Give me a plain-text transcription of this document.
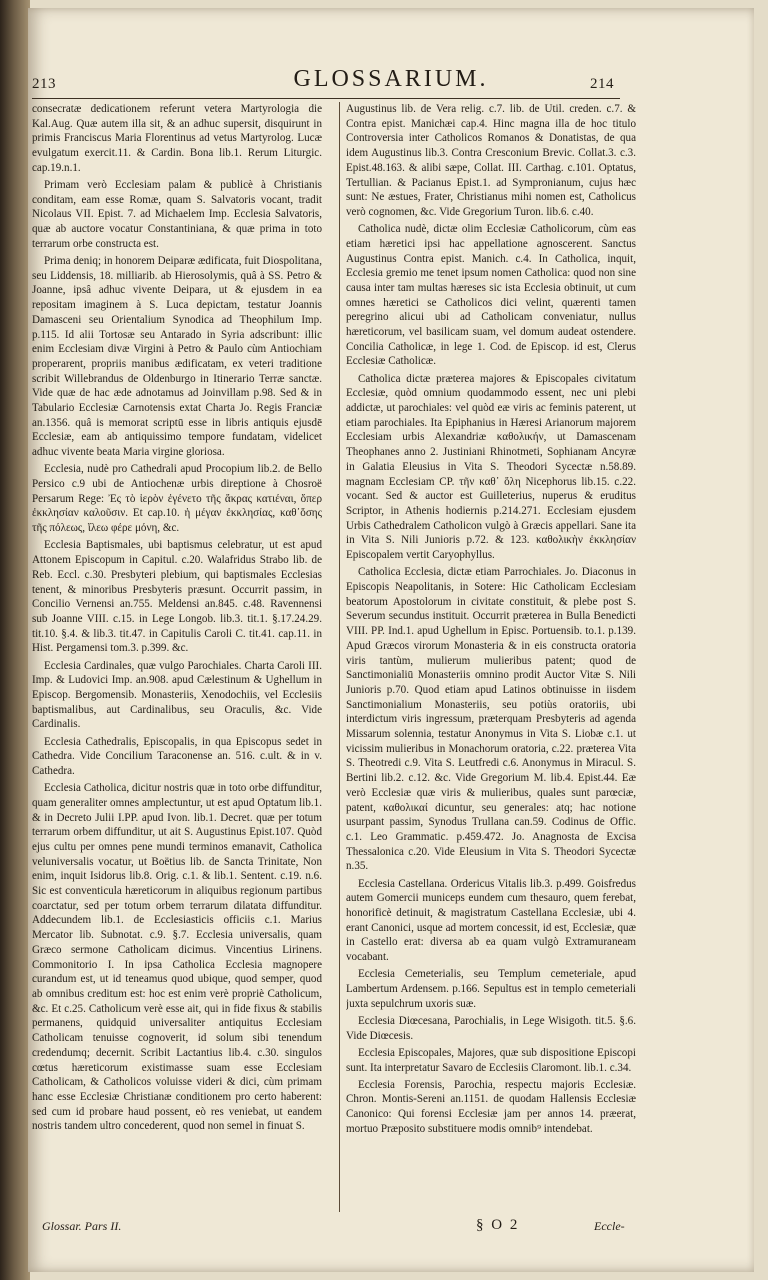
213	GLOSSARIUM.	214

consecratæ dedicationem referunt vetera Martyrologia die Kal.Aug. Quæ autem illa sit, & an adhuc supersit, disquirunt in primis Franciscus Maria Florentinus ad vetus Martyrolog. Lucæ evulgatum exercit.11. & Cardin. Bona lib.1. Rerum Liturgic. cap.19.n.1.

Primam verò Ecclesiam palam & publicè à Christianis conditam, eam esse Romæ, quam S. Salvatoris vocant, tradit Nicolaus VII. Epist. 7. ad Michaelem Imp. Ecclesia Salvatoris, quæ ab auctore vocatur Constantiniana, & quæ prima in toto terrarum orbe constructa est.

Prima deniq; in honorem Deiparæ ædificata, fuit Diospolitana, seu Liddensis, 18. milliarib. ab Hierosolymis, quâ à SS. Petro & Joanne, ipsâ adhuc vivente Deipara, ut & ejusdem in ea repositam imaginem à S. Luca depictam, testatur Joannis Damasceni seu Orientalium Synodica ad Theophilum Imp. p.115. Id alii Tortosæ seu Antarado in Syria adscribunt: illic enim Ecclesiam divæ Virgini à Petro & Paulo cùm Antiochiam properarent, propriis manibus ædificatam, ex veteri traditione scribit Willebrandus de Oldenburgo in Itinerario Terræ sanctæ. Vide quæ de hac æde adnotamus ad Joinvillam p.98. Sed & in Tabulario Ecclesiæ Carnotensis extat Charta Jo. Regis Franciæ an.1356. quâ is memorat scriptū esse in libris antiquis ejusdē Ecclesiæ, eam ab antiquissimo tempore fundatam, videlicet adhuc vivente beata Maria virgine gloriosa.

Ecclesia, nudè pro Cathedrali apud Procopium lib.2. de Bello Persico c.9 ubi de Antiochenæ urbis direptione à Chosroë Persarum Rege: Ἐς τὸ ἱερὸν ἐγένετο τῆς ἄκρας κατιέναι, ὅπερ ἐκκλησίαν καλοῦσιν. Et cap.10. ἡ μέγαν ἐκκλησίας, καθ᾽ὅσης τῆς πόλεως, ἵλεω φέρε μόνη, &c.

Ecclesia Baptismales, ubi baptismus celebratur, ut est apud Attonem Episcopum in Capitul. c.20. Walafridus Strabo lib. de Reb. Eccl. c.30. Presbyteri plebium, qui baptismales Ecclesias tenent, & minoribus Presbyteris præsunt. Occurrit passim, in Concilio Vernensi an.755. Meldensi an.845. c.48. Ravennensi sub Joanne VIII. c.15. in Lege Longob. lib.3. tit.1. §.17.24.29. tit.10. §.4. & lib.3. tit.47. in Capitulis Caroli C. tit.41. cap.11. in Hist. Pergamensi tom.3. p.399. &c.

Ecclesia Cardinales, quæ vulgo Parochiales. Charta Caroli III. Imp. & Ludovici Imp. an.908. apud Cælestinum & Ughellum in Episcop. Bergomensib. Monasteriis, Xenodochiis, vel Ecclesiis baptismalibus, aut Cardinalibus, seu Oraculis, &c. Vide Cardinalis.

Ecclesia Cathedralis, Episcopalis, in qua Episcopus sedet in Cathedra. Vide Concilium Taraconense an. 516. c.ult. & in v. Cathedra.

Ecclesia Catholica, dicitur nostris quæ in toto orbe diffunditur, quam generaliter omnes amplectuntur, ut est apud Optatum lib.1. & in Decreto Julii I.PP. apud Ivon. lib.1. Decret. quæ per totum terrarum orbem diffunditur, ut ait S. Augustinus Epist.107. Quòd ejus cultu per omnes pene mundi terminos emanavit, Catholica veluniversalis vocatur, ut Boëtius lib. de Sancta Trinitate, Non enim, inquit Isidorus lib.8. Orig. c.1. & lib.1. Sentent. c.19. n.6. Sic est conventicula hæreticorum in aliquibus regionum partibus coarctatur, sed per totum orbem terrarum dilatata diffunditur. Addecundem lib.1. de Ecclesiasticis officiis c.1. Marius Mercator lib. Subnotat. c.9. §.7. Ecclesia universalis, quam Græco sermone Catholicam dicimus. Vincentius Lirinens. Commonitorio I. In ipsa Catholica Ecclesia magnopere curandum est, ut id teneamus quod ubique, quod semper, quod ab omnibus creditum est: hoc est enim verè propriè Catholicum, &c. Et c.25. Catholicum verè esse ait, qui in fide fixus & stabilis permanens, quidquid universaliter antiquitus Ecclesiam Catholicam tenuisse cognoverit, id solum sibi tenendum credendumq; decernit. Scribit Lactantius lib.4. c.30. singulos cœtus hæreticorum existimasse suam esse Ecclesiam Catholicam, & Catholicos voluisse videri & dici, cùm primam hanc esse Ecclesiæ Christianæ conditionem pro certo haberent: sed cum id probare haud possent, eò res veniebat, ut eandem nostris tandem ultro concederent, quod non semel in finuat S.

Augustinus lib. de Vera relig. c.7. lib. de Util. creden. c.7. & Contra epist. Manichæi cap.4. Hinc magna illa de hoc titulo Controversia inter Catholicos Romanos & Donatistas, de qua idem Augustinus lib.3. Contra Cresconium Brevic. Collat.3. c.3. Epist.48.163. & alibi sæpe, Collat. III. Carthag. c.101. Optatus, Tertullian. & Pacianus Epist.1. ad Sympronianum, cujus hæc sunt: Ne æstues, Frater, Christianus mihi nomen est, Catholicus verò cognomen, &c. Vide Gregorium Turon. lib.6. c.40.

Catholica nudè, dictæ olim Ecclesiæ Catholicorum, cùm eas etiam hæretici ipsi hac appellatione agnoscerent. Sanctus Augustinus Contra epist. Manich. c.4. In Catholica, inquit, Ecclesia gremio me tenet ipsum nomen Catholica: quod non sine causa inter tam multas hæreses sic ista Ecclesia obtinuit, ut cum omnes hæretici se Catholicos dici velint, quærenti tamen peregrino alicui ubi ad Catholicam conveniatur, nullus hæreticorum, vel basilicam suam, vel domum audeat ostendere. Concilia Catholicæ, in lege 1. Cod. de Episcop. id est, Clerus Ecclesiæ Catholicæ.

Catholica dictæ præterea majores & Episcopales civitatum Ecclesiæ, quòd omnium quodammodo essent, nec uni plebi addictæ, ut parochiales: vel quòd eæ viris ac feminis paterent, ut etiam parochiales. Ita Epiphanius in Hæresi Arianorum majorem Ecclesiam urbis Alexandriæ καθολικήν, ut Damascenam Theophanes anno 2. Justiniani Rhinotmeti, Sophianam Ancyræ in Galatia Eleusius in Vita S. Theodori Sycectæ n.58.89. magnam Ecclesiam CP. τῆν καθ᾽ ὅλη Nicephorus lib.15. c.22. vocant. Sed & auctor est Guilleterius, nuperus & eruditus Scriptor, in Athenis hodiernis p.214.271. Ecclesiam ejusdem Urbis Cathedralem Catholicon vulgò à Græcis appellari. Sane ita in Vita S. Nili Junioris p.72. & 123. καθολικὴν ἐκκλησίαν Episcopalem vertit Caryophyllus.

Catholica Ecclesia, dictæ etiam Parrochiales. Jo. Diaconus in Episcopis Neapolitanis, in Sotere: Hic Catholicam Ecclesiam beatorum Apostolorum in civitate constituit, & plebe post S. Severum secundus instituit. Occurrit præterea in Bulla Benedicti VIII. PP. Ind.1. apud Ughellum in Episc. Portuensib. to.1. p.139. Apud Græcos virorum Monasteria & in eis constructa oratoria viris tantùm, mulierum mulieribus patent; quod de Sanctimonialiū Monasteriis omnino prodit Auctor Vitæ S. Nili Junioris p.70. Quod etiam apud Latinos obtinuisse in iisdem Sanctimonialium Monasteriis, seu potiùs oratoriis, ubi interdictum viris ingressum, præterquam Presbyteris ad agenda Missarum solennia, testatur Anonymus in Vita S. Liobæ c.1. ut vicissim mulieribus in Monachorum oratoria, c.22. præterea Vita S. Theotredi c.9. Vita S. Leutfredi c.6. Anonymus in Miracul. S. Bertini lib.2. c.12. &c. Vide Gregorium M. lib.4. Epist.44. Eæ verò Ecclesiæ quæ viris & mulieribus, quales sunt parœciæ, patent, καθολικαί dicuntur, seu generales: atq; hac notione usurpant passim, Synodus Trullana can.59. Codinus de Offic. c.1. Leo Grammatic. p.459.472. Jo. Anagnosta de Excisa Thessalonica c.20. Vide Eleusium in Vita S. Theodori Sycectæ n.35.

Ecclesia Castellana. Ordericus Vitalis lib.3. p.499. Goisfredus autem Gomercii municeps eundem cum thesauro, quem ferebat, honorificè detinuit, & magistratum Castellana Ecclesiæ, ubi 4. erant Canonici, usque ad mortem concessit, id est, Ecclesiæ, quæ in Castello erat: diversa ab ea quam vulgò Extramuraneam vocabant.

Ecclesia Cemeterialis, seu Templum cemeteriale, apud Lambertum Ardensem. p.166. Sepultus est in templo cemeteriali juxta sepulchrum uxoris suæ.

Ecclesia Diœcesana, Parochialis, in Lege Wisigoth. tit.5. §.6. Vide Diœcesis.

Ecclesia Episcopales, Majores, quæ sub dispositione Episcopi sunt. Ita interpretatur Savaro de Ecclesiis Claromont. lib.1. c.34.

Ecclesia Forensis, Parochia, respectu majoris Ecclesiæ. Chron. Montis-Sereni an.1151. de quodam Hallensis Ecclesiæ Canonico: Qui forensi Ecclesiæ jam per annos 14. præerat, mortuo Præposito substituere modis omnib⁹ intendebat.

Glossar. Pars II.	§ O 2	Eccle-
